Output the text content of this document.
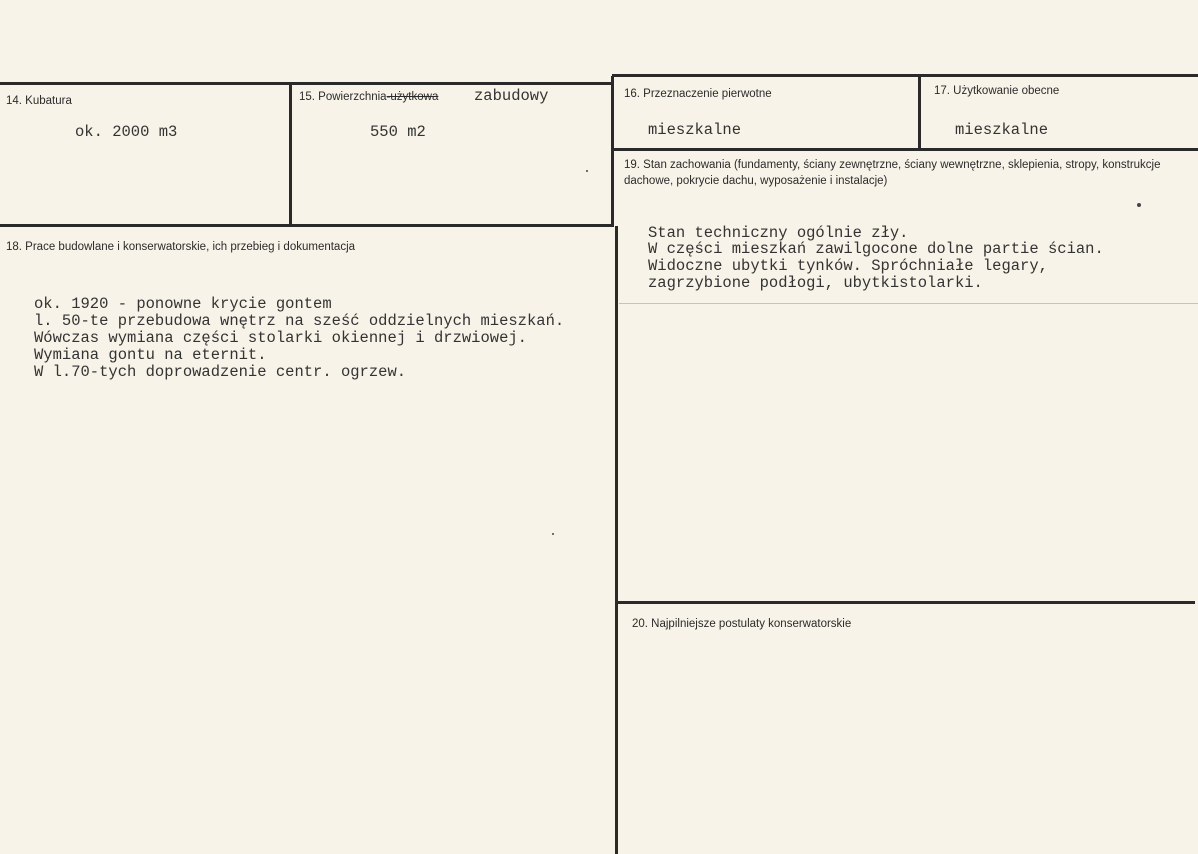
14. Kubatura
ok. 2000 m3
15. Powierzchnia-użytkowa zabudowy
550 m2
16. Przeznaczenie pierwotne
mieszkalne
17. Użytkowanie obecne
mieszkalne
18. Prace budowlane i konserwatorskie, ich przebieg i dokumentacja
ok. 1920 - ponowne krycie gontem
l. 50-te przebudowa wnętrz na sześć oddzielnych mieszkań.
Wówczas wymiana części stolarki okiennej i drzwiowej.
Wymiana gontu na eternit.
W l.70-tych doprowadzenie centr. ogrzew.
19. Stan zachowania (fundamenty, ściany zewnętrzne, ściany wewnętrzne, sklepienia, stropy, konstrukcje dachowe, pokrycie dachu, wyposażenie i instalacje)
Stan techniczny ogólnie zły.
W części mieszkań zawilgocone dolne partie ścian.
Widoczne ubytki tynków. Spróchniałe legary,
zagrzybione podłogi, ubytkistolarki.
20. Najpilniejsze postulaty konserwatorskie
